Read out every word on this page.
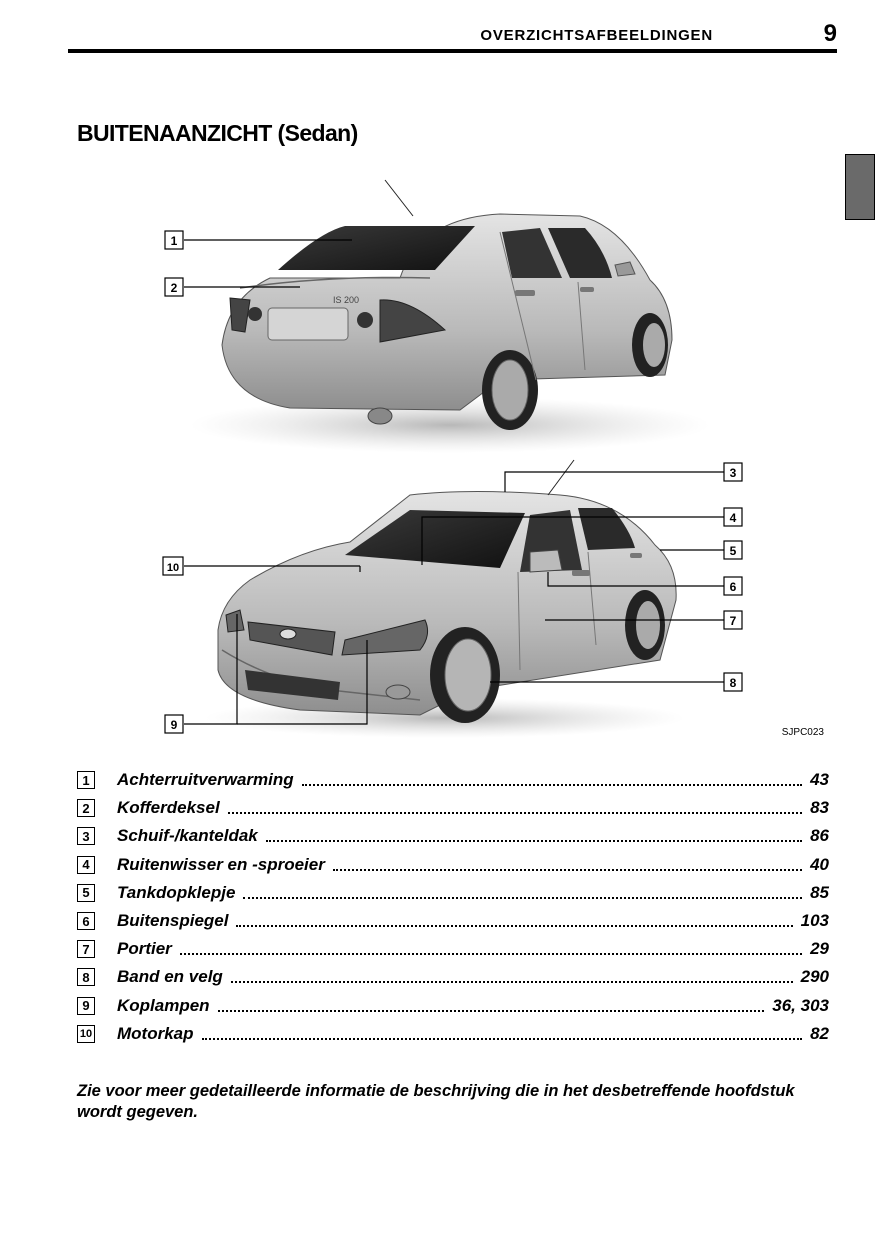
OVERZICHTSAFBEELDINGEN	9
BUITENAANZICHT (Sedan)
IS 200
1
2
3
4
5
6
7
8
9
10
SJPC023
1	Achterruitverwarming	43
2	Kofferdeksel	83
3	Schuif-/kanteldak	86
4	Ruitenwisser en -sproeier	40
5	Tankdopklepje	85
6	Buitenspiegel	103
7	Portier	29
8	Band en velg	290
9	Koplampen	36, 303
10 Motorkap	82
Zie voor meer gedetailleerde informatie de beschrijving die in het desbetreffende hoofdstuk wordt gegeven.
